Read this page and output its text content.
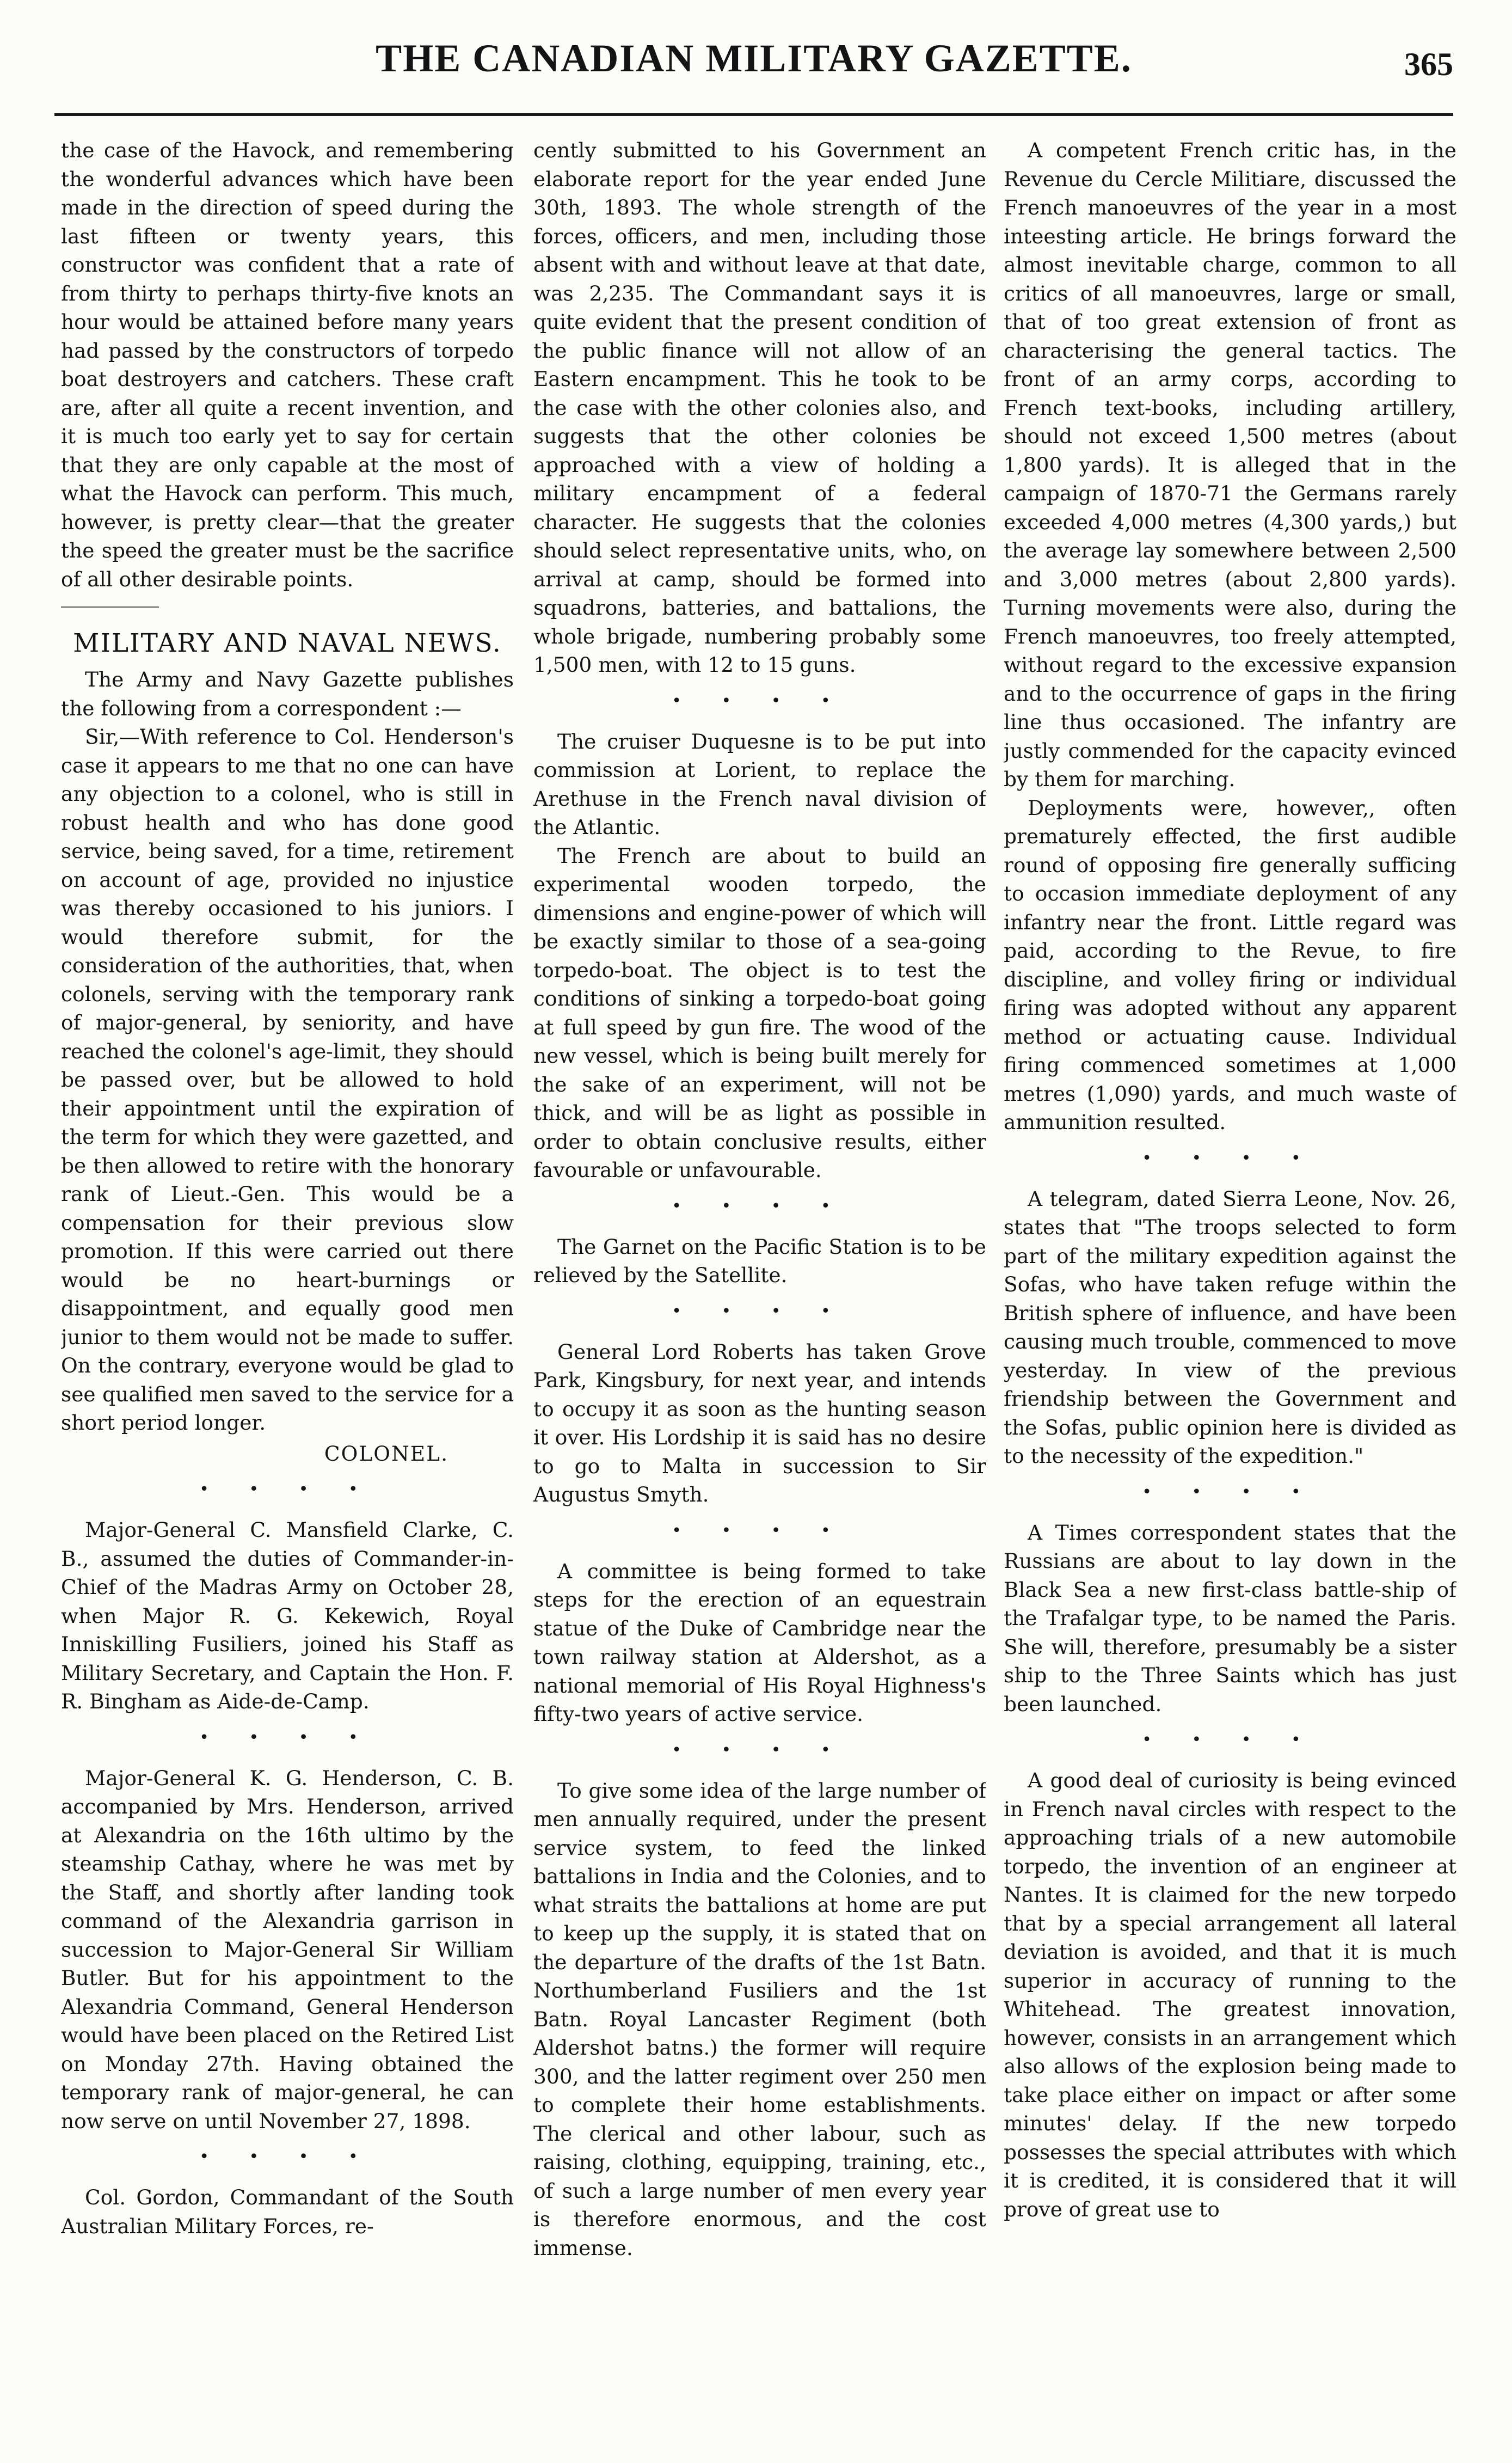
THE CANADIAN MILITARY GAZETTE.	365

the case of the Havock, and remembering the wonderful advances which have been made in the direction of speed during the last fifteen or twenty years, this constructor was confident that a rate of from thirty to perhaps thirty-five knots an hour would be attained before many years had passed by the constructors of torpedo boat destroyers and catchers. These craft are, after all quite a recent invention, and it is much too early yet to say for certain that they are only capable at the most of what the Havock can perform. This much, however, is pretty clear—that the greater the speed the greater must be the sacrifice of all other desirable points.

MILITARY AND NAVAL NEWS.

The Army and Navy Gazette publishes the following from a correspondent :—

Sir,—With reference to Col. Henderson's case it appears to me that no one can have any objection to a colonel, who is still in robust health and who has done good service, being saved, for a time, retirement on account of age, provided no injustice was thereby occasioned to his juniors. I would therefore submit, for the consideration of the authorities, that, when colonels, serving with the temporary rank of major-general, by seniority, and have reached the colonel's age-limit, they should be passed over, but be allowed to hold their appointment until the expiration of the term for which they were gazetted, and be then allowed to retire with the honorary rank of Lieut.-Gen. This would be a compensation for their previous slow promotion. If this were carried out there would be no heart-burnings or disappointment, and equally good men junior to them would not be made to suffer. On the contrary, everyone would be glad to see qualified men saved to the service for a short period longer.

COLONEL.
• • • •

Major-General C. Mansfield Clarke, C. B., assumed the duties of Commander-in-Chief of the Madras Army on October 28, when Major R. G. Kekewich, Royal Inniskilling Fusiliers, joined his Staff as Military Secretary, and Captain the Hon. F. R. Bingham as Aide-de-Camp.

• • • •

Major-General K. G. Henderson, C. B. accompanied by Mrs. Henderson, arrived at Alexandria on the 16th ultimo by the steamship Cathay, where he was met by the Staff, and shortly after landing took command of the Alexandria garrison in succession to Major-General Sir William Butler. But for his appointment to the Alexandria Command, General Henderson would have been placed on the Retired List on Monday 27th. Having obtained the temporary rank of major-general, he can now serve on until November 27, 1898.

• • • •

Col. Gordon, Commandant of the South Australian Military Forces, re-

cently submitted to his Government an elaborate report for the year ended June 30th, 1893. The whole strength of the forces, officers, and men, including those absent with and without leave at that date, was 2,235. The Commandant says it is quite evident that the present condition of the public finance will not allow of an Eastern encampment. This he took to be the case with the other colonies also, and suggests that the other colonies be approached with a view of holding a military encampment of a federal character. He suggests that the colonies should select representative units, who, on arrival at camp, should be formed into squadrons, batteries, and battalions, the whole brigade, numbering probably some 1,500 men, with 12 to 15 guns.

• • • •

The cruiser Duquesne is to be put into commission at Lorient, to replace the Arethuse in the French naval division of the Atlantic.

The French are about to build an experimental wooden torpedo, the dimensions and engine-power of which will be exactly similar to those of a sea-going torpedo-boat. The object is to test the conditions of sinking a torpedo-boat going at full speed by gun fire. The wood of the new vessel, which is being built merely for the sake of an experiment, will not be thick, and will be as light as possible in order to obtain conclusive results, either favourable or unfavourable.

• • • •

The Garnet on the Pacific Station is to be relieved by the Satellite.

• • • •

General Lord Roberts has taken Grove Park, Kingsbury, for next year, and intends to occupy it as soon as the hunting season it over. His Lordship it is said has no desire to go to Malta in succession to Sir Augustus Smyth.

• • • •

A committee is being formed to take steps for the erection of an equestrain statue of the Duke of Cambridge near the town railway station at Aldershot, as a national memorial of His Royal Highness's fifty-two years of active service.

• • • •

To give some idea of the large number of men annually required, under the present service system, to feed the linked battalions in India and the Colonies, and to what straits the battalions at home are put to keep up the supply, it is stated that on the departure of the drafts of the 1st Batn. Northumberland Fusiliers and the 1st Batn. Royal Lancaster Regiment (both Aldershot batns.) the former will require 300, and the latter regiment over 250 men to complete their home establishments. The clerical and other labour, such as raising, clothing, equipping, training, etc., of such a large number of men every year is therefore enormous, and the cost immense.

A competent French critic has, in the Revenue du Cercle Militiare, discussed the French manoeuvres of the year in a most inteesting article. He brings forward the almost inevitable charge, common to all critics of all manoeuvres, large or small, that of too great extension of front as characterising the general tactics. The front of an army corps, according to French text-books, including artillery, should not exceed 1,500 metres (about 1,800 yards). It is alleged that in the campaign of 1870-71 the Germans rarely exceeded 4,000 metres (4,300 yards,) but the average lay somewhere between 2,500 and 3,000 metres (about 2,800 yards). Turning movements were also, during the French manoeuvres, too freely attempted, without regard to the excessive expansion and to the occurrence of gaps in the firing line thus occasioned. The infantry are justly commended for the capacity evinced by them for marching.

Deployments were, however,, often prematurely effected, the first audible round of opposing fire generally sufficing to occasion immediate deployment of any infantry near the front. Little regard was paid, according to the Revue, to fire discipline, and volley firing or individual firing was adopted without any apparent method or actuating cause. Individual firing commenced sometimes at 1,000 metres (1,090) yards, and much waste of ammunition resulted.

• • • •

A telegram, dated Sierra Leone, Nov. 26, states that "The troops selected to form part of the military expedition against the Sofas, who have taken refuge within the British sphere of influence, and have been causing much trouble, commenced to move yesterday. In view of the previous friendship between the Government and the Sofas, public opinion here is divided as to the necessity of the expedition."

• • • •

A Times correspondent states that the Russians are about to lay down in the Black Sea a new first-class battle-ship of the Trafalgar type, to be named the Paris. She will, therefore, presumably be a sister ship to the Three Saints which has just been launched.

• • • •

A good deal of curiosity is being evinced in French naval circles with respect to the approaching trials of a new automobile torpedo, the invention of an engineer at Nantes. It is claimed for the new torpedo that by a special arrangement all lateral deviation is avoided, and that it is much superior in accuracy of running to the Whitehead. The greatest innovation, however, consists in an arrangement which also allows of the explosion being made to take place either on impact or after some minutes' delay. If the new torpedo possesses the special attributes with which it is credited, it is considered that it will prove of great use to
